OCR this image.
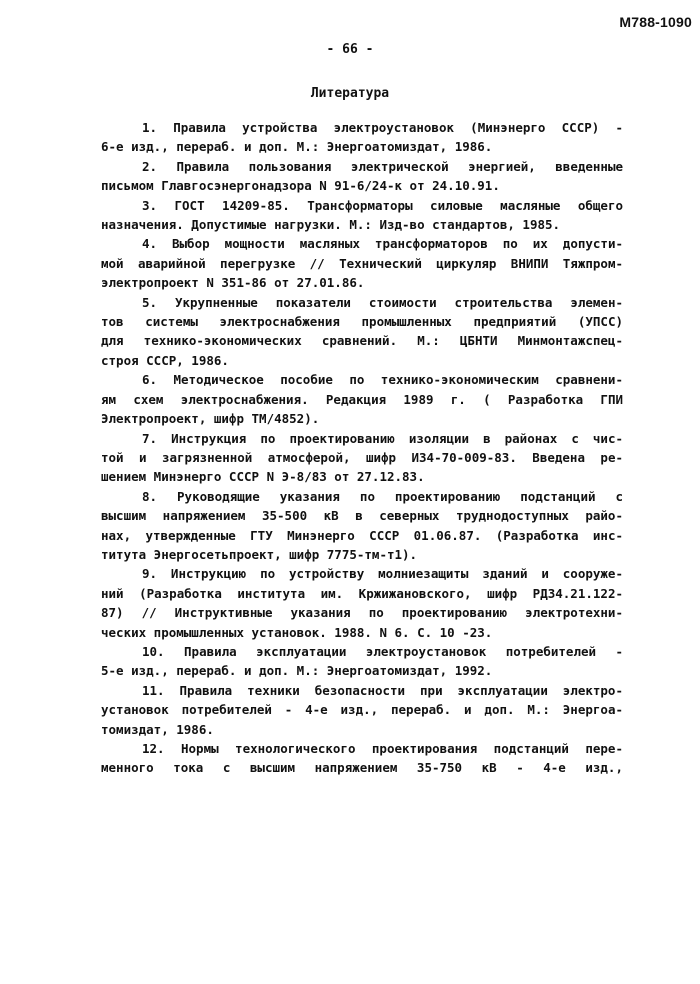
M788-1090
- 66 -
Литература
1. Правила устройства электроустановок (Минэнерго СССР) -
6-е изд., перераб. и доп. М.: Энергоатомиздат, 1986.
2. Правила пользования электрической энергией, введенные
письмом Главгосэнергонадзора N 91-6/24-к от 24.10.91.
3. ГОСТ 14209-85. Трансформаторы силовые масляные общего
назначения. Допустимые нагрузки. М.: Изд-во стандартов, 1985.
4. Выбор мощности масляных трансформаторов по их допусти-
мой аварийной перегрузке // Технический циркуляр ВНИПИ Тяжпром-
электропроект N 351-86 от 27.01.86.
5. Укрупненные показатели стоимости строительства элемен-
тов системы электроснабжения промышленных предприятий (УПСС)
для технико-экономических сравнений. М.: ЦБНТИ Минмонтажспец-
строя СССР, 1986.
6. Методическое пособие по технико-экономическим сравнени-
ям схем электроснабжения. Редакция 1989 г. ( Разработка ГПИ
Электропроект, шифр ТМ/4852).
7. Инструкция по проектированию изоляции в районах с чис-
той и загрязненной атмосферой, шифр И34-70-009-83. Введена ре-
шением Минэнерго СССР N Э-8/83 от 27.12.83.
8. Руководящие указания по проектированию подстанций с
высшим напряжением 35-500 кВ в северных труднодоступных райо-
нах, утвержденные ГТУ Минэнерго СССР 01.06.87. (Разработка инс-
титута Энергосетьпроект, шифр 7775-тм-т1).
9. Инструкцию по устройству молниезащиты зданий и сооруже-
ний (Разработка института им. Кржижановского, шифр РД34.21.122-
87) // Инструктивные указания по проектированию электротехни-
ческих промышленных установок. 1988. N 6. С. 10 -23.
10. Правила эксплуатации электроустановок потребителей -
5-е изд., перераб. и доп. М.: Энергоатомиздат, 1992.
11. Правила техники безопасности при эксплуатации электро-
установок потребителей - 4-е изд., перераб. и доп. М.: Энергоа-
томиздат, 1986.
12. Нормы технологического проектирования подстанций пере-
менного тока с высшим напряжением 35-750 кВ - 4-е изд.,
